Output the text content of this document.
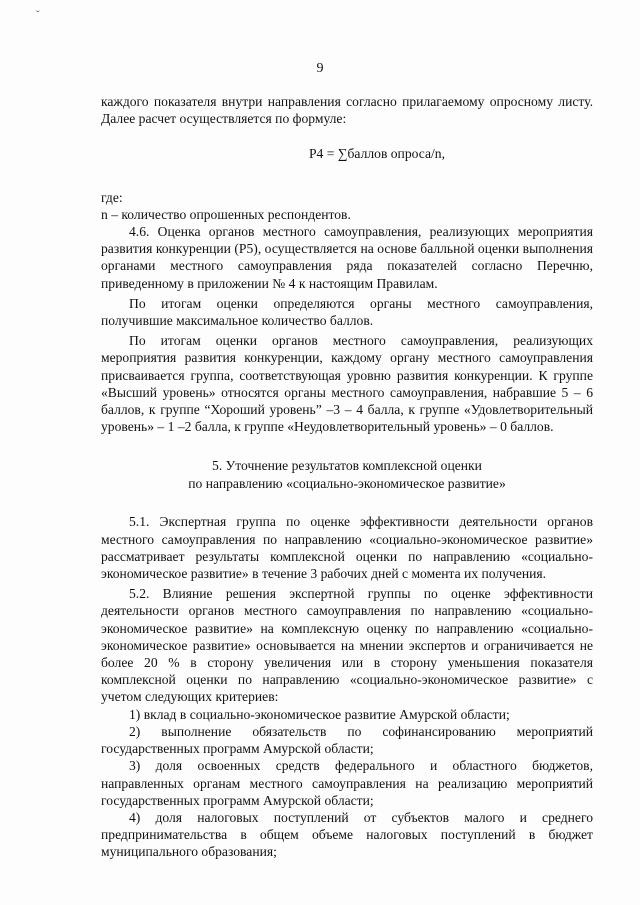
ˇ
9

каждого показателя внутри направления согласно прилагаемому опросному листу. Далее расчет осуществляется по формуле:

Р4 = ∑баллов опроса/n,

где:

n – количество опрошенных респондентов.

4.6. Оценка органов местного самоуправления, реализующих мероприятия развития конкуренции (Р5), осуществляется на основе балльной оценки выполнения органами местного самоуправления ряда показателей согласно Перечню, приведенному в приложении № 4 к настоящим Правилам.

По итогам оценки определяются органы местного самоуправления, получившие максимальное количество баллов.

По итогам оценки органов местного самоуправления, реализующих мероприятия развития конкуренции, каждому органу местного самоуправления присваивается группа, соответствующая уровню развития конкуренции. К группе «Высший уровень» относятся органы местного самоуправления, набравшие 5 – 6 баллов, к группе “Хороший уровень” –3 – 4 балла, к группе «Удовлетворительный уровень» – 1 –2 балла, к группе «Неудовлетворительный уровень» – 0 баллов.

5. Уточнение результатов комплексной оценки
по направлению «социально-экономическое развитие»

5.1. Экспертная группа по оценке эффективности деятельности органов местного самоуправления по направлению «социально-экономическое развитие» рассматривает результаты комплексной оценки по направлению «социально-экономическое развитие» в течение 3 рабочих дней с момента их получения.

5.2. Влияние решения экспертной группы по оценке эффективности деятельности органов местного самоуправления по направлению «социально-экономическое развитие» на комплексную оценку по направлению «социально-экономическое развитие» основывается на мнении экспертов и ограничивается не более 20 % в сторону увеличения или в сторону уменьшения показателя комплексной оценки по направлению «социально-экономическое развитие» с учетом следующих критериев:

1) вклад в социально-экономическое развитие Амурской области;

2) выполнение обязательств по софинансированию мероприятий государственных программ Амурской области;

3) доля освоенных средств федерального и областного бюджетов, направленных органам местного самоуправления на реализацию мероприятий государственных программ Амурской области;

4) доля налоговых поступлений от субъектов малого и среднего предпринимательства в общем объеме налоговых поступлений в бюджет муниципального образования;
